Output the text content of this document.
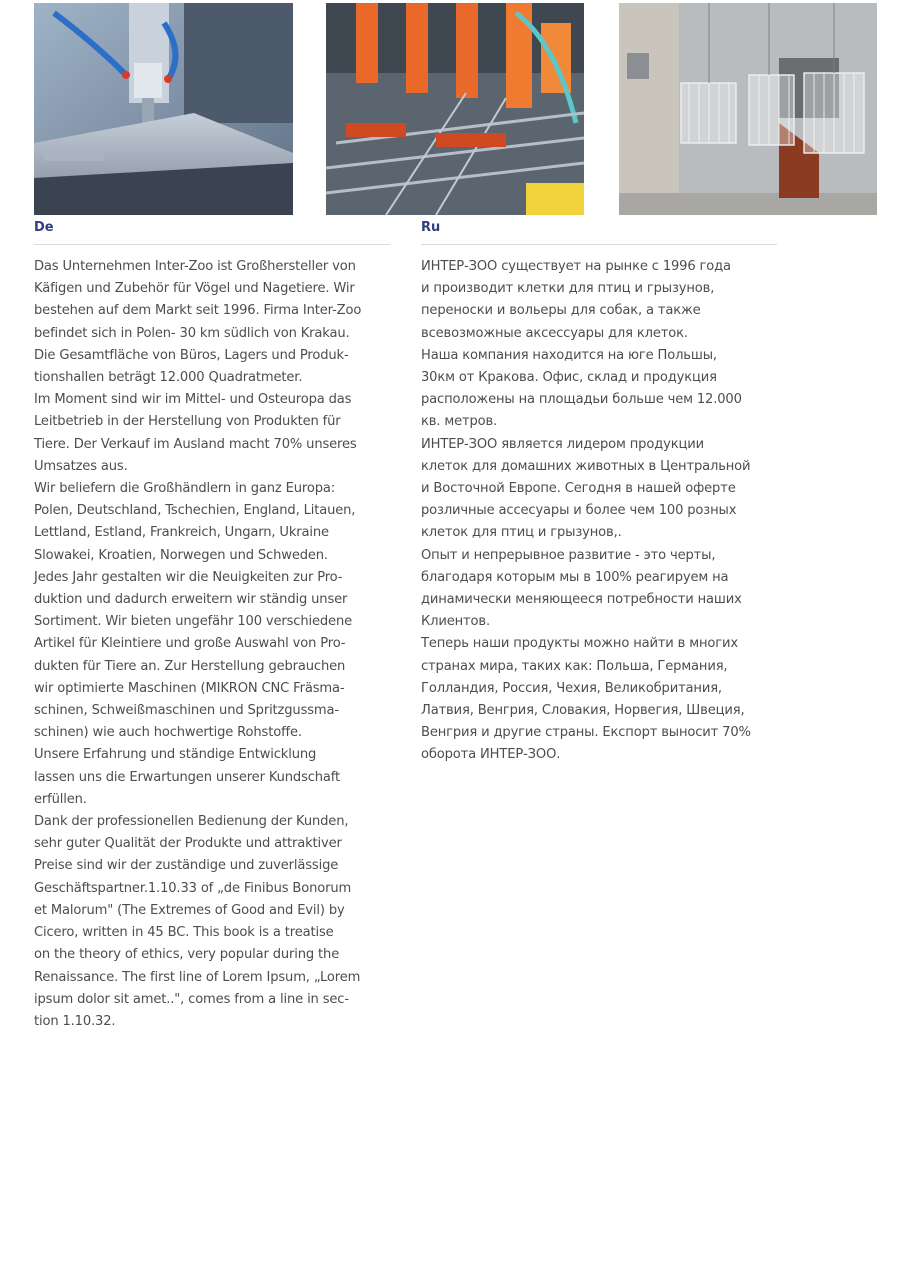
De	Ru
Das Unternehmen Inter-Zoo ist Großhersteller von
Käfigen und Zubehör für Vögel und Nagetiere. Wir
bestehen auf dem Markt seit 1996. Firma Inter-Zoo
befindet sich in Polen- 30 km südlich von Krakau.
Die Gesamtfläche von Büros, Lagers und Produk-
tionshallen beträgt 12.000 Quadratmeter.
Im Moment sind wir im Mittel- und Osteuropa das
Leitbetrieb in der Herstellung von Produkten für
Tiere. Der Verkauf im Ausland macht 70% unseres
Umsatzes aus.
Wir beliefern die Großhändlern in ganz Europa:
Polen, Deutschland, Tschechien, England, Litauen,
Lettland, Estland, Frankreich, Ungarn, Ukraine
Slowakei, Kroatien, Norwegen und Schweden.
Jedes Jahr gestalten wir die Neuigkeiten zur Pro-
duktion und dadurch erweitern wir ständig unser
Sortiment. Wir bieten ungefähr 100 verschiedene
Artikel für Kleintiere und große Auswahl von Pro-
dukten für Tiere an. Zur Herstellung gebrauchen
wir optimierte Maschinen (MIKRON CNC Fräsma-
schinen, Schweißmaschinen und Spritzgussma-
schinen) wie auch hochwertige Rohstoffe.
Unsere Erfahrung und ständige Entwicklung
lassen uns die Erwartungen unserer Kundschaft
erfüllen.
Dank der professionellen Bedienung der Kunden,
sehr guter Qualität der Produkte und attraktiver
Preise sind wir der zuständige und zuverlässige
Geschäftspartner.1.10.33 of „de Finibus Bonorum
et Malorum" (The Extremes of Good and Evil) by
Cicero, written in 45 BC. This book is a treatise
on the theory of ethics, very popular during the
Renaissance. The first line of Lorem Ipsum, „Lorem
ipsum dolor sit amet..", comes from a line in sec-
tion 1.10.32.
ИНТЕР-ЗОО существует на рынке с 1996 года
и производит клетки для птиц и грызунов,
переноски и вольеры для собак, а также
всевозможные аксессуары для клеток.
Наша компания находится на юге Польшы,
30км от Кракова. Офис, склад и продукция
расположены на площадьи больше чем 12.000
кв. метров.
ИНТЕР-ЗОО является лидером продукции
клеток для домашних животных в Центральной
и Восточной Европе. Сегодня в нашей оферте
розличные ассесуары и более чем 100 розных
клеток для птиц и грызунов,.
Опыт и непрерывное развитие - это черты,
благодаря которым мы в 100% реагируем на
динамически меняющееся потребности наших
Клиентов.
Теперь наши продукты можно найти в многих
странах мира, таких как: Польша, Германия,
Голландия, Россия, Чехия, Великобритания,
Латвия, Венгрия, Словакия, Норвегия, Швеция,
Венгрия и другие страны. Експорт выносит 70%
оборота ИНТЕР-ЗОО.
